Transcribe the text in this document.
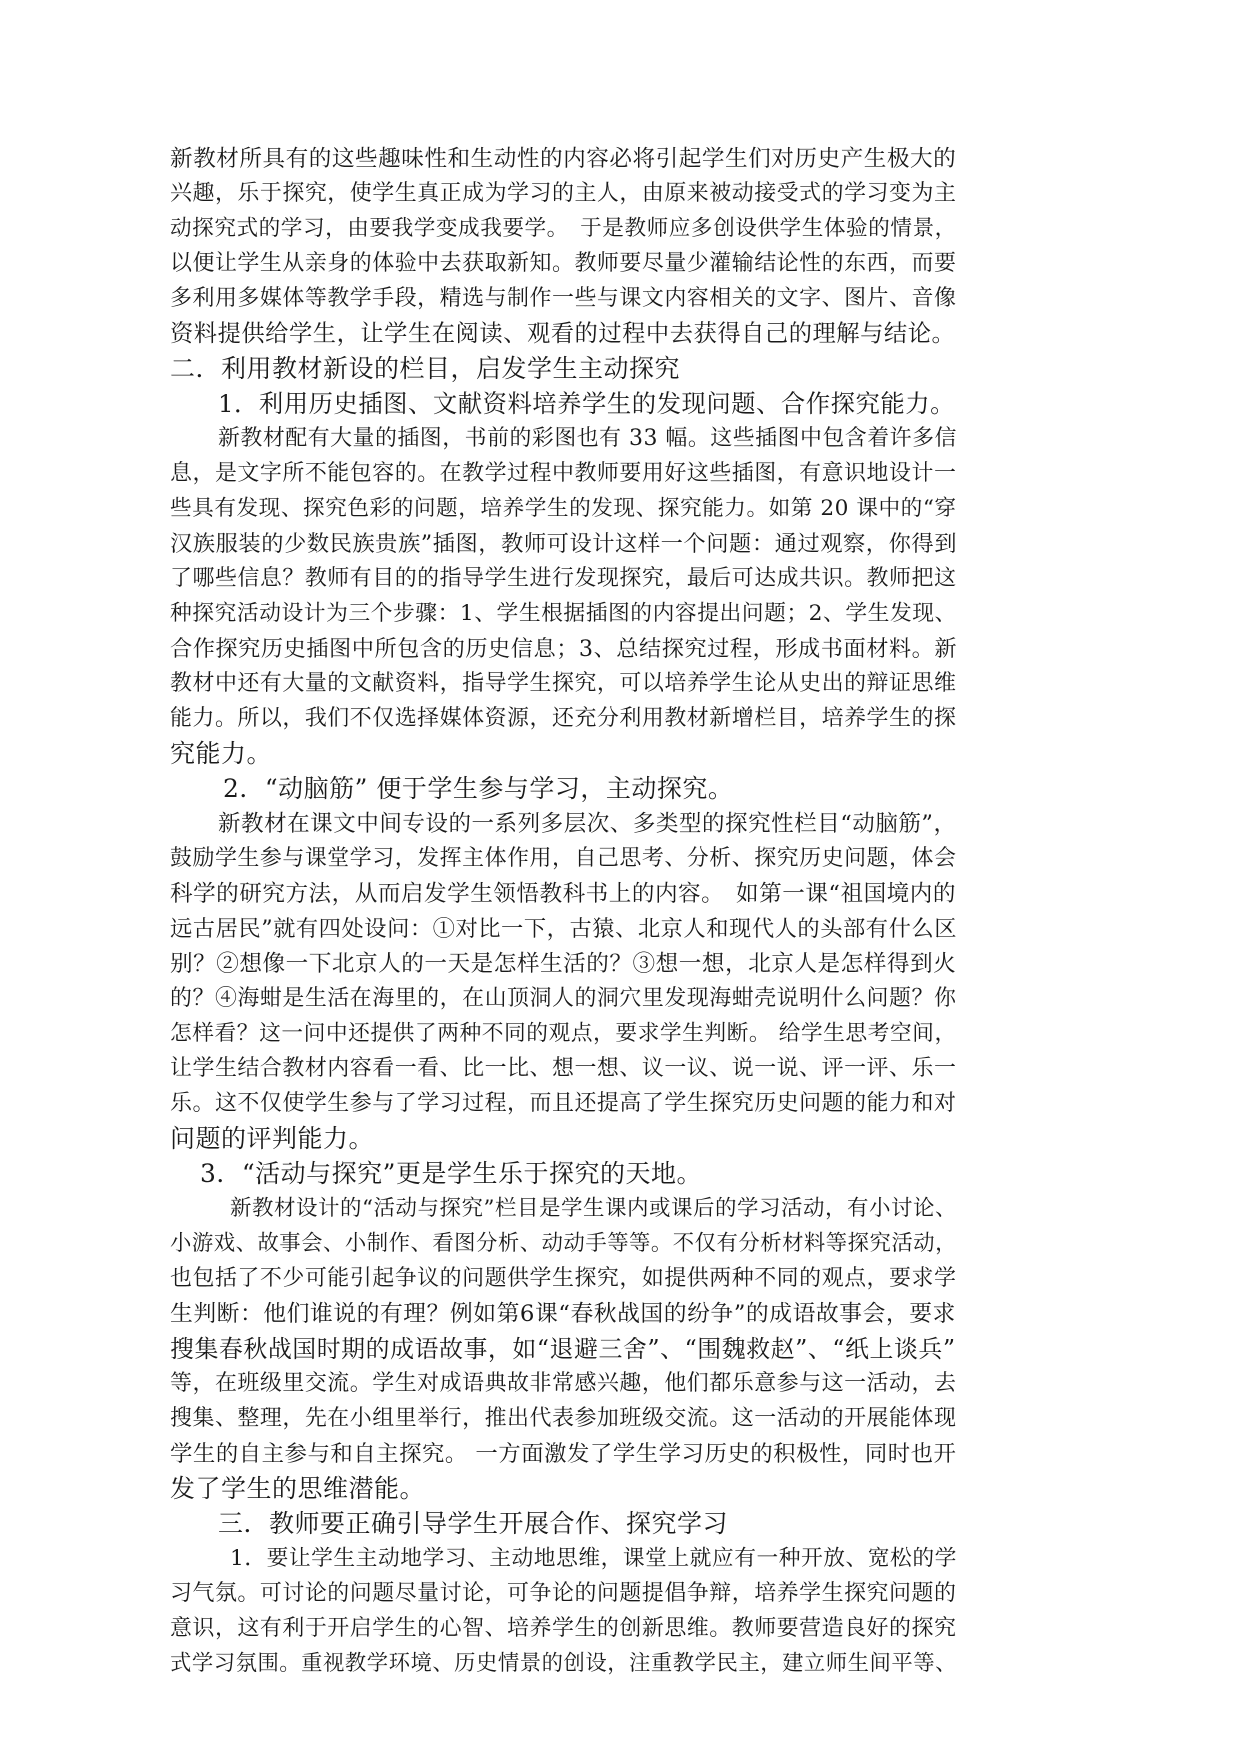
新教材所具有的这些趣味性和生动性的内容必将引起学生们对历史产生极大的
兴趣，乐于探究，使学生真正成为学习的主人，由原来被动接受式的学习变为主
动探究式的学习，由要我学变成我要学。　于是教师应多创设供学生体验的情景，
以便让学生从亲身的体验中去获取新知。教师要尽量少灌输结论性的东西，而要
多利用多媒体等教学手段，精选与制作一些与课文内容相关的文字、图片、音像
资料提供给学生，让学生在阅读、观看的过程中去获得自己的理解与结论。
二．利用教材新设的栏目，启发学生主动探究
1．利用历史插图、文献资料培养学生的发现问题、合作探究能力。
新教材配有大量的插图，书前的彩图也有 33 幅。这些插图中包含着许多信
息，是文字所不能包容的。在教学过程中教师要用好这些插图，有意识地设计一
些具有发现、探究色彩的问题，培养学生的发现、探究能力。如第 20 课中的“穿
汉族服装的少数民族贵族”插图，教师可设计这样一个问题：通过观察，你得到
了哪些信息？教师有目的的指导学生进行发现探究，最后可达成共识。教师把这
种探究活动设计为三个步骤：1、学生根据插图的内容提出问题；2、学生发现、
合作探究历史插图中所包含的历史信息；3、总结探究过程，形成书面材料。新
教材中还有大量的文献资料，指导学生探究，可以培养学生论从史出的辩证思维
能力。所以，我们不仅选择媒体资源，还充分利用教材新增栏目，培养学生的探
究能力。
2．“动脑筋” 便于学生参与学习，主动探究。
新教材在课文中间专设的一系列多层次、多类型的探究性栏目“动脑筋”，
鼓励学生参与课堂学习，发挥主体作用，自己思考、分析、探究历史问题，体会
科学的研究方法，从而启发学生领悟教科书上的内容。　如第一课“祖国境内的
远古居民”就有四处设问：①对比一下，古猿、北京人和现代人的头部有什么区
别？②想像一下北京人的一天是怎样生活的？③想一想，北京人是怎样得到火
的？④海蚶是生活在海里的，在山顶洞人的洞穴里发现海蚶壳说明什么问题？你
怎样看？这一问中还提供了两种不同的观点，要求学生判断。 给学生思考空间，
让学生结合教材内容看一看、比一比、想一想、议一议、说一说、评一评、乐一
乐。这不仅使学生参与了学习过程，而且还提高了学生探究历史问题的能力和对
问题的评判能力。
3．“活动与探究”更是学生乐于探究的天地。
新教材设计的“活动与探究”栏目是学生课内或课后的学习活动，有小讨论、
小游戏、故事会、小制作、看图分析、动动手等等。不仅有分析材料等探究活动，
也包括了不少可能引起争议的问题供学生探究，如提供两种不同的观点，要求学
生判断：他们谁说的有理？例如第6课“春秋战国的纷争”的成语故事会，要求
搜集春秋战国时期的成语故事，如“退避三舍”、“围魏救赵”、“纸上谈兵”
等，在班级里交流。学生对成语典故非常感兴趣，他们都乐意参与这一活动，去
搜集、整理，先在小组里举行，推出代表参加班级交流。这一活动的开展能体现
学生的自主参与和自主探究。 一方面激发了学生学习历史的积极性，同时也开
发了学生的思维潜能。
三．教师要正确引导学生开展合作、探究学习
1．要让学生主动地学习、主动地思维，课堂上就应有一种开放、宽松的学
习气氛。可讨论的问题尽量讨论，可争论的问题提倡争辩，培养学生探究问题的
意识，这有利于开启学生的心智、培养学生的创新思维。教师要营造良好的探究
式学习氛围。重视教学环境、历史情景的创设，注重教学民主，建立师生间平等、
